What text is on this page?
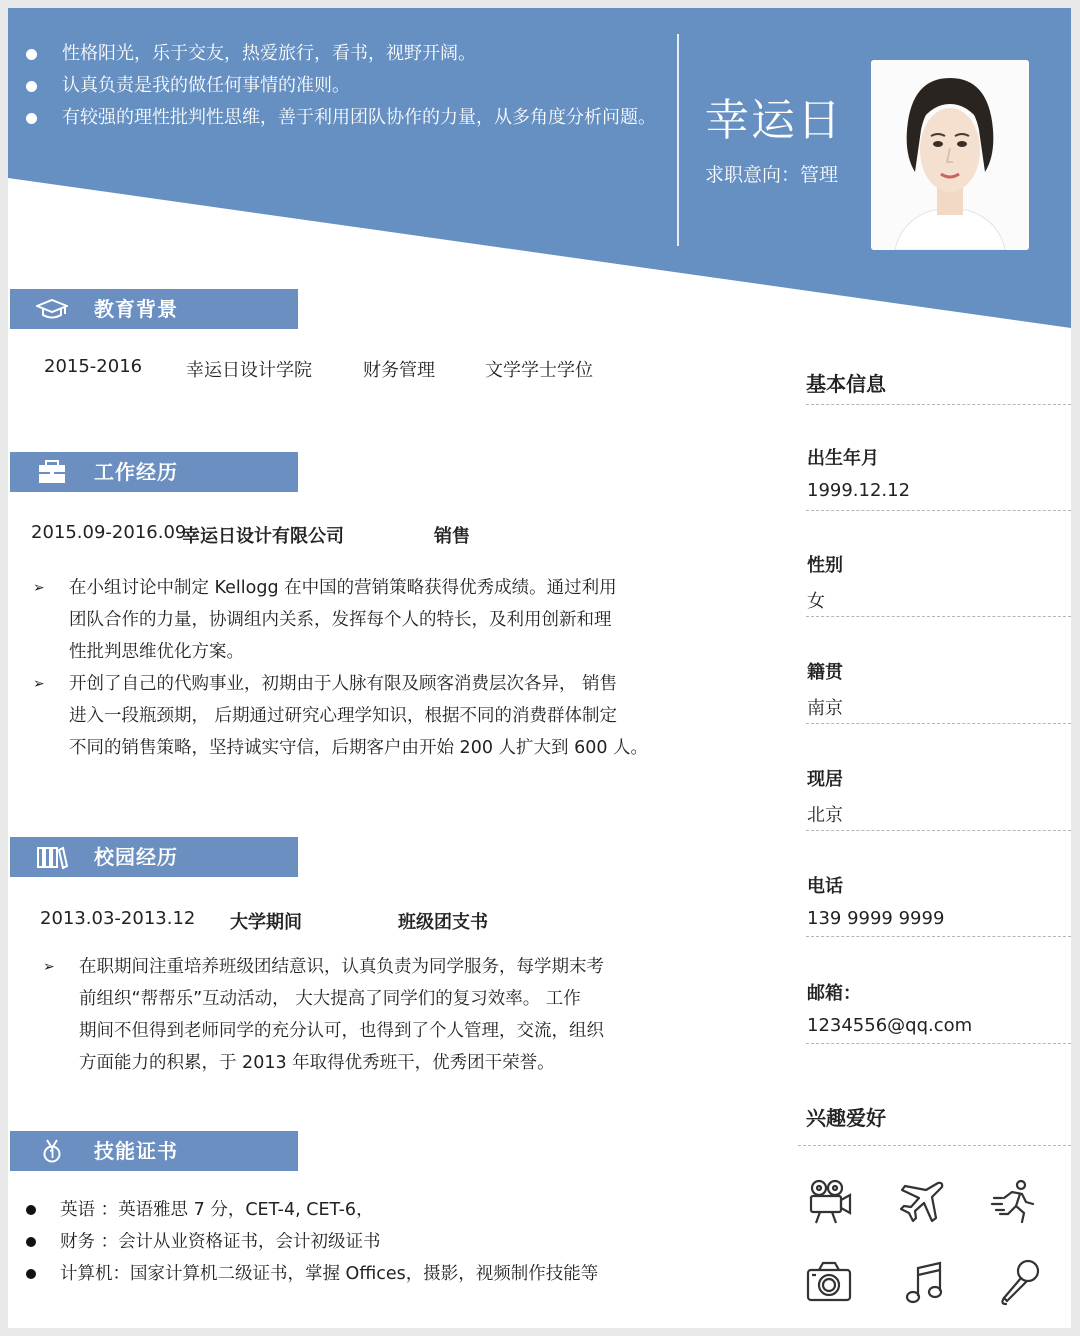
性格阳光，乐于交友，热爱旅行，看书，视野开阔。
认真负责是我的做任何事情的准则。
有较强的理性批判性思维，善于利用团队协作的力量，从多角度分析问题。 幸运日
求职意向：管理
教育背景
2015-2016 幸运日设计学院	财务管理	文学学士学位
工作经历
2015.09-2016.09
幸运日设计有限公司	销售
➢ 在小组讨论中制定 Kellogg 在中国的营销策略获得优秀成绩。通过利用
团队合作的力量，协调组内关系，发挥每个人的特长，及利用创新和理
性批判思维优化方案。
➢ 开创了自己的代购事业，初期由于人脉有限及顾客消费层次各异， 销售
进入一段瓶颈期， 后期通过研究心理学知识，根据不同的消费群体制定
不同的销售策略，坚持诚实守信，后期客户由开始 200 人扩大到 600 人。
校园经历
2013.03-2013.12 大学期间	班级团支书
➢ 在职期间注重培养班级团结意识，认真负责为同学服务，每学期末考
前组织“帮帮乐”互动活动， 大大提高了同学们的复习效率。 工作
期间不但得到老师同学的充分认可，也得到了个人管理，交流，组织
方面能力的积累，于 2013 年取得优秀班干，优秀团干荣誉。
技能证书
英语 ：英语雅思 7 分，CET-4, CET-6，
财务 ：会计从业资格证书，会计初级证书
计算机：国家计算机二级证书，掌握 Offices，摄影，视频制作技能等
基本信息
出生年月
1999.12.12
性别
女
籍贯
南京
现居
北京
电话
139 9999 9999
邮箱：
1234556@qq.com
兴趣爱好
